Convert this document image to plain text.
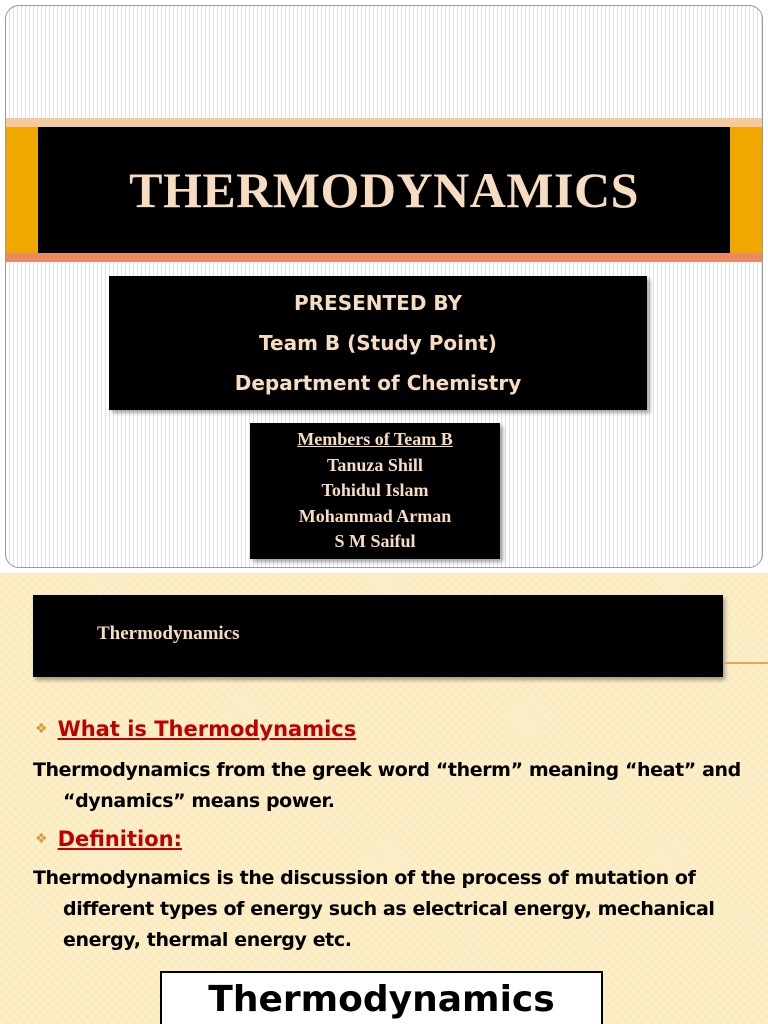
THERMODYNAMICS
PRESENTED BY
Team B (Study Point)
Department of Chemistry
Members of Team B
Tanuza Shill
Tohidul Islam
Mohammad Arman
S M Saiful
Thermodynamics
❖ What is Thermodynamics

Thermodynamics from the greek word “therm” meaning “heat” and “dynamics” means power.

❖ Definition:

Thermodynamics is the discussion of the process of mutation of different types of energy such as electrical energy, mechanical energy, thermal energy etc.

Thermodynamics
